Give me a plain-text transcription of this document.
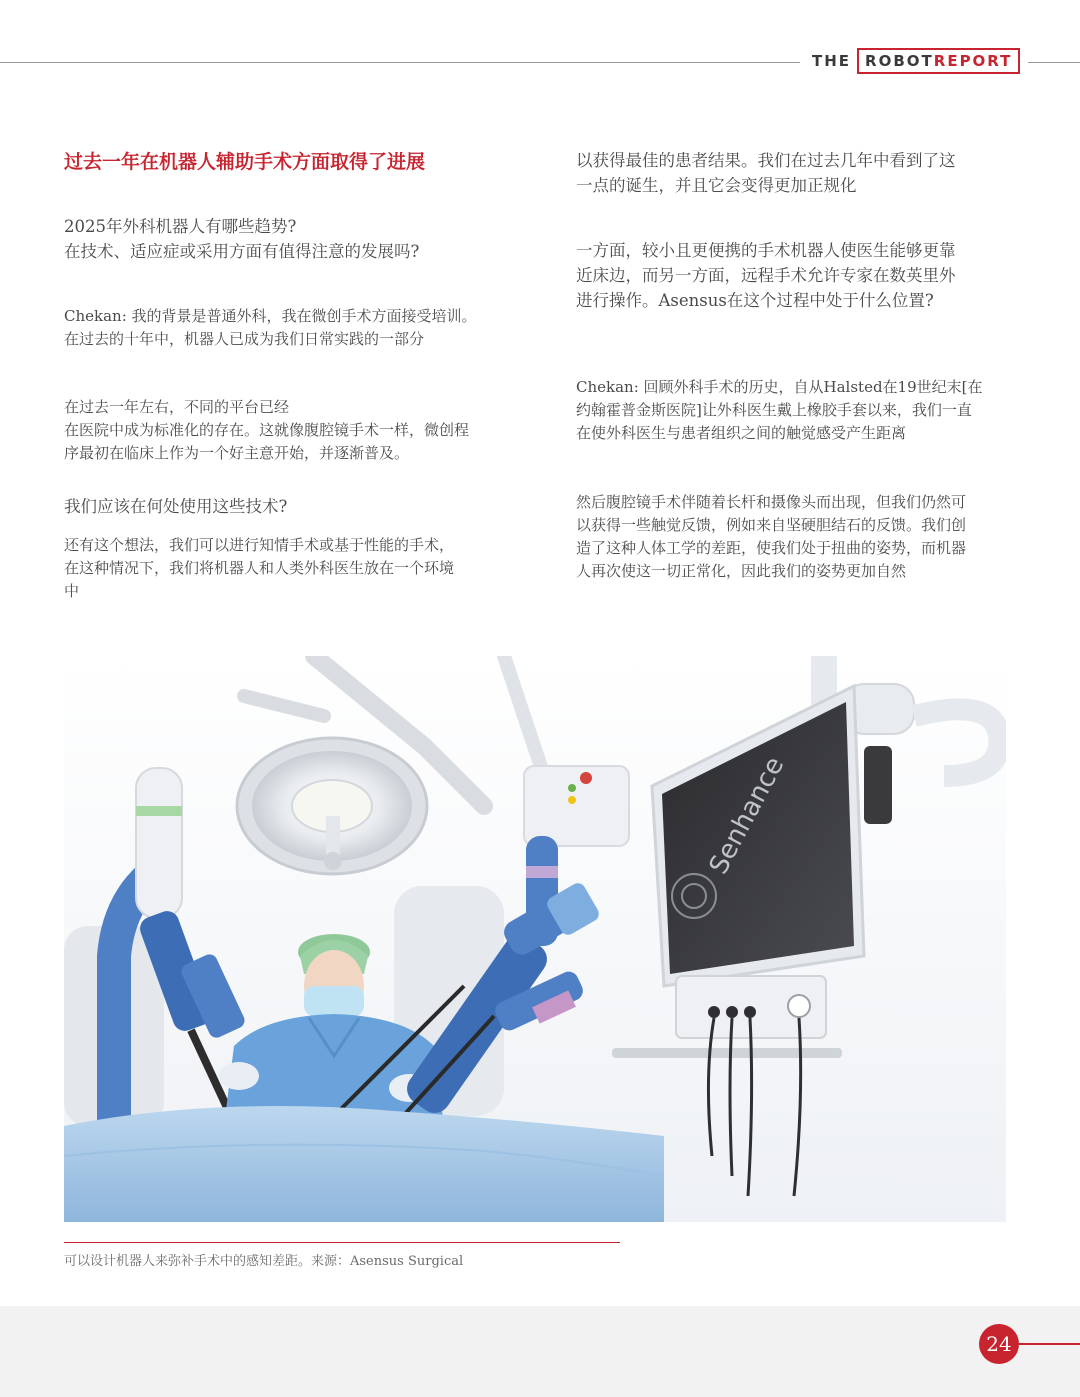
THE ROBOT REPORT
过去一年在机器人辅助手术方面取得了进展
2025年外科机器人有哪些趋势?
在技术、适应症或采用方面有值得注意的发展吗?
Chekan: 我的背景是普通外科，我在微创手术方面接受培训。
在过去的十年中，机器人已成为我们日常实践的一部分
在过去一年左右，不同的平台已经
在医院中成为标准化的存在。这就像腹腔镜手术一样，微创程
序最初在临床上作为一个好主意开始，并逐渐普及。
我们应该在何处使用这些技术?
还有这个想法，我们可以进行知情手术或基于性能的手术，
在这种情况下，我们将机器人和人类外科医生放在一个环境
中
以获得最佳的患者结果。我们在过去几年中看到了这
一点的诞生，并且它会变得更加正规化
一方面，较小且更便携的手术机器人使医生能够更靠
近床边，而另一方面，远程手术允许专家在数英里外
进行操作。Asensus在这个过程中处于什么位置?
Chekan: 回顾外科手术的历史，自从Halsted在19世纪末[在
约翰霍普金斯医院]让外科医生戴上橡胶手套以来，我们一直
在使外科医生与患者组织之间的触觉感受产生距离
然后腹腔镜手术伴随着长杆和摄像头而出现，但我们仍然可
以获得一些触觉反馈，例如来自坚硬胆结石的反馈。我们创
造了这种人体工学的差距，使我们处于扭曲的姿势，而机器
人再次使这一切正常化，因此我们的姿势更加自然
Senhance
可以设计机器人来弥补手术中的感知差距。来源：Asensus Surgical
24
